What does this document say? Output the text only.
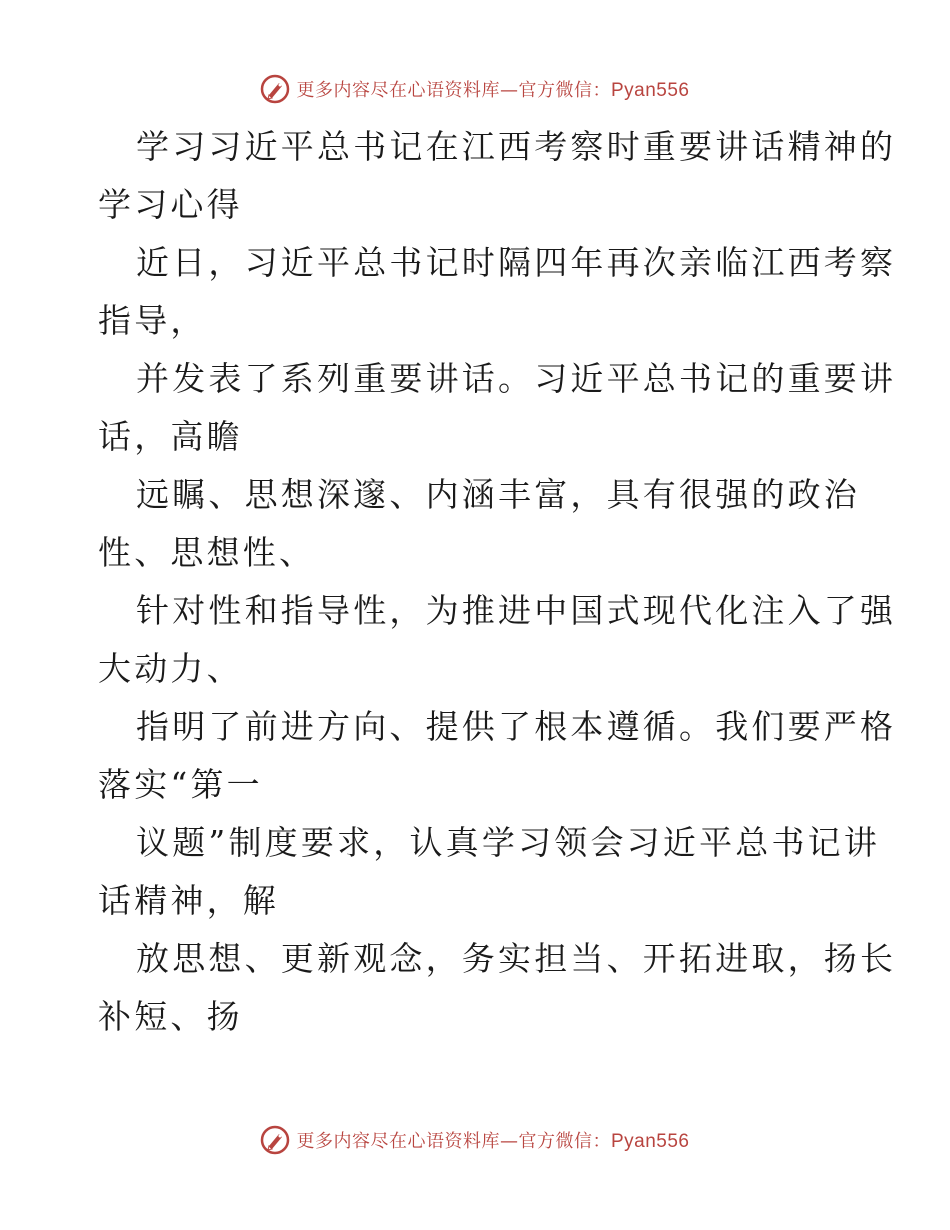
更多内容尽在心语资料库—官方微信：Pyan556
学习习近平总书记在江西考察时重要讲话精神的
学习心得
近日，习近平总书记时隔四年再次亲临江西考察
指导，
并发表了系列重要讲话。习近平总书记的重要讲
话，高瞻
远瞩、思想深邃、内涵丰富，具有很强的政治
性、思想性、
针对性和指导性，为推进中国式现代化注入了强
大动力、
指明了前进方向、提供了根本遵循。我们要严格
落实“第一
议题”制度要求，认真学习领会习近平总书记讲
话精神，解
放思想、更新观念，务实担当、开拓进取，扬长
补短、扬
更多内容尽在心语资料库—官方微信：Pyan556
